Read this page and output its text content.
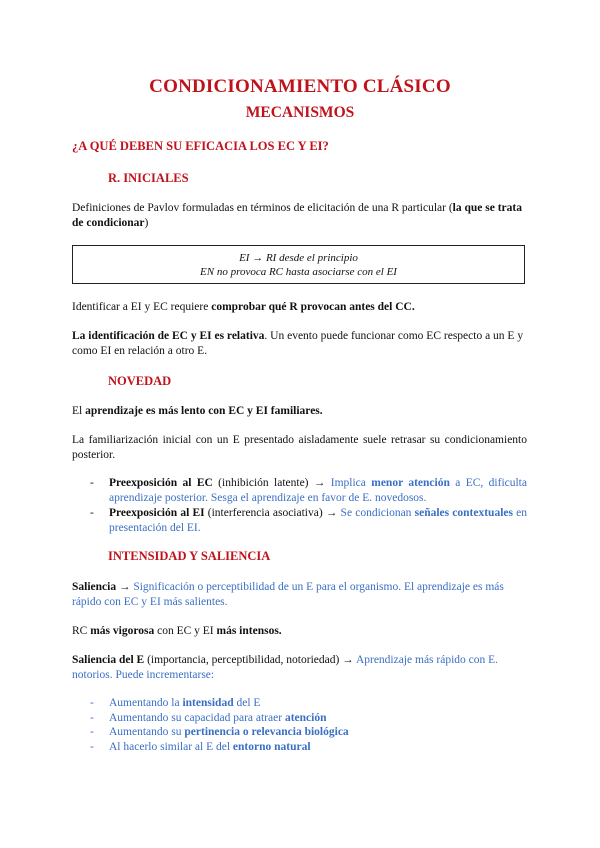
CONDICIONAMIENTO CLÁSICO
MECANISMOS
¿A QUÉ DEBEN SU EFICACIA LOS EC Y EI?
R. INICIALES
Definiciones de Pavlov formuladas en términos de elicitación de una R particular (la que se trata de condicionar)
EI → RI desde el principio
EN no provoca RC hasta asociarse con el EI
Identificar a EI y EC requiere comprobar qué R provocan antes del CC.
La identificación de EC y EI es relativa. Un evento puede funcionar como EC respecto a un E y como EI en relación a otro E.
NOVEDAD
El aprendizaje es más lento con EC y EI familiares.
La familiarización inicial con un E presentado aisladamente suele retrasar su condicionamiento posterior.
- Preexposición al EC (inhibición latente) → Implica menor atención a EC, dificulta aprendizaje posterior. Sesga el aprendizaje en favor de E. novedosos.
- Preexposición al EI (interferencia asociativa) → Se condicionan señales contextuales en presentación del EI.
INTENSIDAD Y SALIENCIA
Saliencia → Significación o perceptibilidad de un E para el organismo. El aprendizaje es más rápido con EC y EI más salientes.
RC más vigorosa con EC y EI más intensos.
Saliencia del E (importancia, perceptibilidad, notoriedad) → Aprendizaje más rápido con E. notorios. Puede incrementarse:
- Aumentando la intensidad del E
- Aumentando su capacidad para atraer atención
- Aumentando su pertinencia o relevancia biológica
- Al hacerlo similar al E del entorno natural
